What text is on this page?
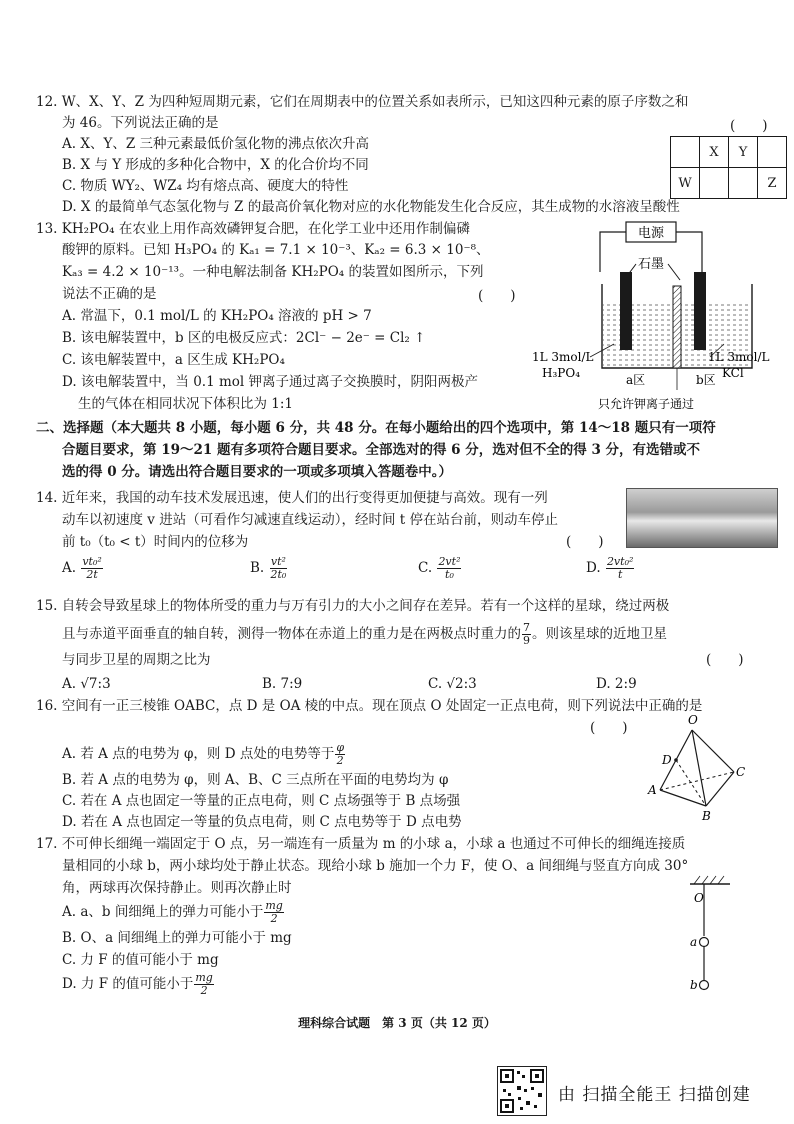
12. W、X、Y、Z 为四种短周期元素，它们在周期表中的位置关系如表所示，已知这四种元素的原子序数之和
为 46。下列说法正确的是	(　　)
A. X、Y、Z 三种元素最低价氢化物的沸点依次升高
B. X 与 Y 形成的多种化合物中，X 的化合价均不同
C. 物质 WY₂、WZ₄ 均有熔点高、硬度大的特性
D. X 的最简单气态氢化物与 Z 的最高价氧化物对应的水化物能发生化合反应，其生成物的水溶液呈酸性
	X	Y	
W			Z
13. KH₂PO₄ 在农业上用作高效磷钾复合肥，在化学工业中还用作制偏磷
酸钾的原料。已知 H₃PO₄ 的 Kₐ₁ = 7.1 × 10⁻³、Kₐ₂ = 6.3 × 10⁻⁸、
Kₐ₃ = 4.2 × 10⁻¹³。一种电解法制备 KH₂PO₄ 的装置如图所示，下列
说法不正确的是	(　　)
A. 常温下，0.1 mol/L 的 KH₂PO₄ 溶液的 pH > 7
B. 该电解装置中，b 区的电极反应式：2Cl⁻ − 2e⁻ = Cl₂ ↑
C. 该电解装置中，a 区生成 KH₂PO₄
D. 该电解装置中，当 0.1 mol 钾离子通过离子交换膜时，阴阳两极产
生的气体在相同状况下体积比为 1:1
电源
石墨
1L 3mol/L
H₃PO₄
1L 3mol/L
KCl
a区	b区
只允许钾离子通过
二、选择题（本大题共 8 小题，每小题 6 分，共 48 分。在每小题给出的四个选项中，第 14～18 题只有一项符
合题目要求，第 19～21 题有多项符合题目要求。全部选对的得 6 分，选对但不全的得 3 分，有选错或不
选的得 0 分。请选出符合题目要求的一项或多项填入答题卷中。）
14. 近年来，我国的动车技术发展迅速，使人们的出行变得更加便捷与高效。现有一列
动车以初速度 v 进站（可看作匀减速直线运动），经时间 t 停在站台前，则动车停止
前 t₀（t₀ < t）时间内的位移为	(　　)
A. $\frac{\text{vt₀²}}{2t}$	B. $\frac{\text{vt²}}{\text{2t₀}}$	C. $\frac{\text{2vt²}}{\text{t₀}}$	D. $\frac{\text{2vt₀²}}{t}$
15. 自转会导致星球上的物体所受的重力与万有引力的大小之间存在差异。若有一个这样的星球，绕过两极
且与赤道平面垂直的轴自转，测得一物体在赤道上的重力是在两极点时重力的 $\frac{7}{9}$ 。则该星球的近地卫星
与同步卫星的周期之比为	(　　)
A. √7:3	B. 7:9	C. √2:3	D. 2:9
16. 空间有一正三棱锥 OABC，点 D 是 OA 棱的中点。现在顶点 O 处固定一正点电荷，则下列说法中正确的是
(　　)
A. 若 A 点的电势为 φ，则 D 点处的电势等于 $\frac{\varphi}{2}$
B. 若 A 点的电势为 φ，则 A、B、C 三点所在平面的电势均为 φ
C. 若在 A 点也固定一等量的正点电荷，则 C 点场强等于 B 点场强
D. 若在 A 点也固定一等量的负点电荷，则 C 点电势等于 D 点电势
O
A
B
C
D
17. 不可伸长细绳一端固定于 O 点，另一端连有一质量为 m 的小球 a，小球 a 也通过不可伸长的细绳连接质
量相同的小球 b，两小球均处于静止状态。现给小球 b 施加一个力 F，使 O、a 间细绳与竖直方向成 30°
角，两球再次保持静止。则再次静止时
A. a、b 间细绳上的弹力可能小于 $\frac{mg}{2}$
B. O、a 间细绳上的弹力可能小于 mg
C. 力 F 的值可能小于 mg
D. 力 F 的值可能小于 $\frac{mg}{2}$
O
a
b
理科综合试题　第 3 页（共 12 页）
由 扫描全能王 扫描创建
